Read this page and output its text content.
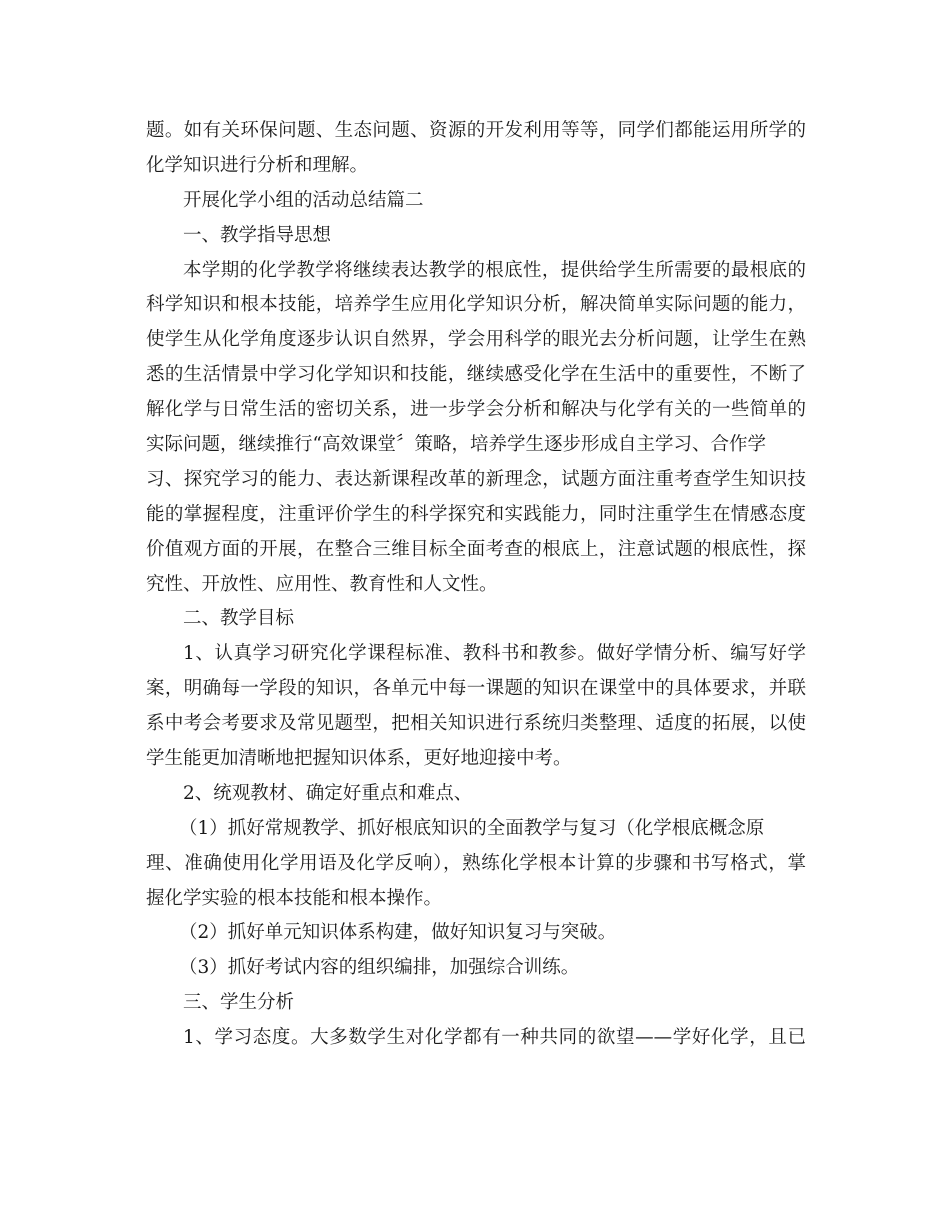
题。如有关环保问题、生态问题、资源的开发利用等等，同学们都能运用所学的
化学知识进行分析和理解。
开展化学小组的活动总结篇二
一、教学指导思想
本学期的化学教学将继续表达教学的根底性，提供给学生所需要的最根底的
科学知识和根本技能，培养学生应用化学知识分析，解决简单实际问题的能力，
使学生从化学角度逐步认识自然界，学会用科学的眼光去分析问题，让学生在熟
悉的生活情景中学习化学知识和技能，继续感受化学在生活中的重要性，不断了
解化学与日常生活的密切关系，进一步学会分析和解决与化学有关的一些简单的
实际问题，继续推行“高效课堂〞策略，培养学生逐步形成自主学习、合作学
习、探究学习的能力、表达新课程改革的新理念，试题方面注重考查学生知识技
能的掌握程度，注重评价学生的科学探究和实践能力，同时注重学生在情感态度
价值观方面的开展，在整合三维目标全面考查的根底上，注意试题的根底性，探
究性、开放性、应用性、教育性和人文性。
二、教学目标
1、认真学习研究化学课程标准、教科书和教参。做好学情分析、编写好学
案，明确每一学段的知识，各单元中每一课题的知识在课堂中的具体要求，并联
系中考会考要求及常见题型，把相关知识进行系统归类整理、适度的拓展，以使
学生能更加清晰地把握知识体系，更好地迎接中考。
2、统观教材、确定好重点和难点、
（1）抓好常规教学、抓好根底知识的全面教学与复习（化学根底概念原
理、准确使用化学用语及化学反响），熟练化学根本计算的步骤和书写格式，掌
握化学实验的根本技能和根本操作。
（2）抓好单元知识体系构建，做好知识复习与突破。
（3）抓好考试内容的组织编排，加强综合训练。
三、学生分析
1、学习态度。大多数学生对化学都有一种共同的欲望——学好化学，且已
